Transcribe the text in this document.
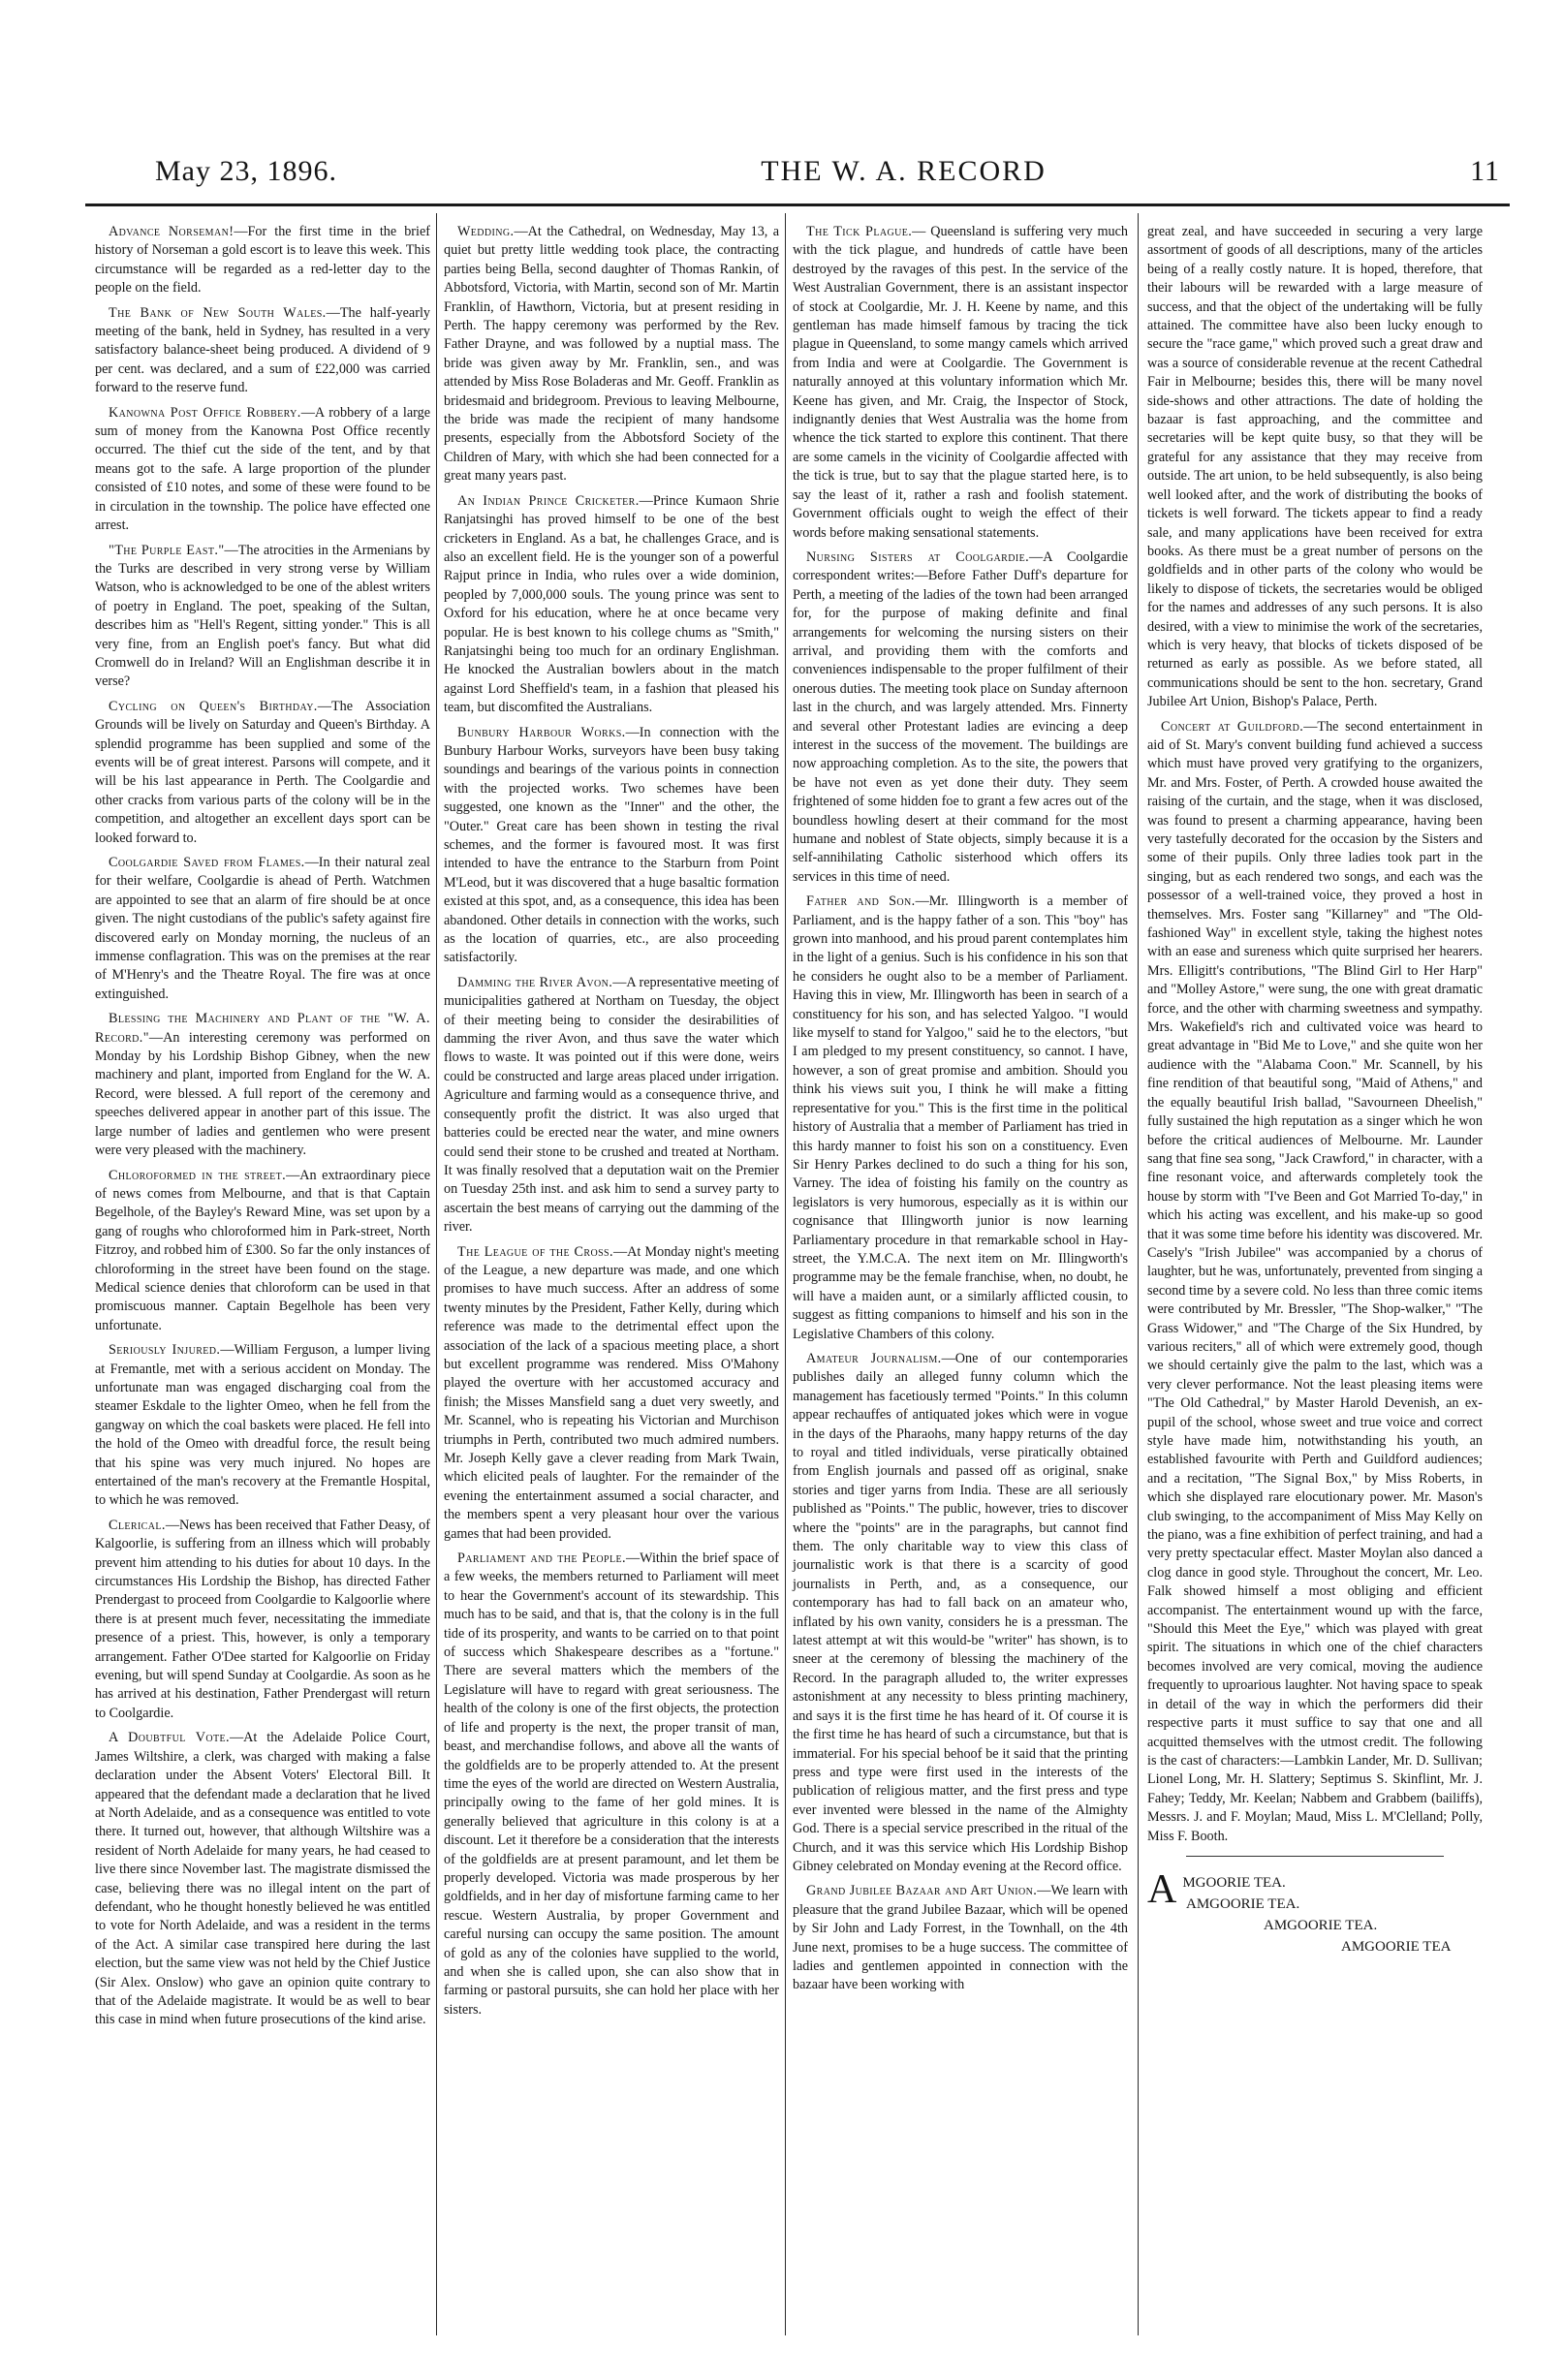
May 23, 1896.	THE W. A. RECORD	11

Advance Norseman!—For the first time in the brief history of Norseman a gold escort is to leave this week. This circumstance will be regarded as a red-letter day to the people on the field.

The Bank of New South Wales.—The half-yearly meeting of the bank, held in Sydney, has resulted in a very satisfactory balance-sheet being produced. A dividend of 9 per cent. was declared, and a sum of £22,000 was carried forward to the reserve fund.

Kanowna Post Office Robbery.—A robbery of a large sum of money from the Kanowna Post Office recently occurred. The thief cut the side of the tent, and by that means got to the safe. A large proportion of the plunder consisted of £10 notes, and some of these were found to be in circulation in the township. The police have effected one arrest.

"The Purple East."—The atrocities in the Armenians by the Turks are described in very strong verse by William Watson, who is acknowledged to be one of the ablest writers of poetry in England. The poet, speaking of the Sultan, describes him as "Hell's Regent, sitting yonder." This is all very fine, from an English poet's fancy. But what did Cromwell do in Ireland? Will an Englishman describe it in verse?

Cycling on Queen's Birthday.—The Association Grounds will be lively on Saturday and Queen's Birthday. A splendid programme has been supplied and some of the events will be of great interest. Parsons will compete, and it will be his last appearance in Perth. The Coolgardie and other cracks from various parts of the colony will be in the competition, and altogether an excellent days sport can be looked forward to.

Coolgardie Saved from Flames.—In their natural zeal for their welfare, Coolgardie is ahead of Perth. Watchmen are appointed to see that an alarm of fire should be at once given. The night custodians of the public's safety against fire discovered early on Monday morning, the nucleus of an immense conflagration. This was on the premises at the rear of M'Henry's and the Theatre Royal. The fire was at once extinguished.

Blessing the Machinery and Plant of the "W. A. Record."—An interesting ceremony was performed on Monday by his Lordship Bishop Gibney, when the new machinery and plant, imported from England for the W. A. Record, were blessed. A full report of the ceremony and speeches delivered appear in another part of this issue. The large number of ladies and gentlemen who were present were very pleased with the machinery.

Chloroformed in the street.—An extraordinary piece of news comes from Melbourne, and that is that Captain Begelhole, of the Bayley's Reward Mine, was set upon by a gang of roughs who chloroformed him in Park-street, North Fitzroy, and robbed him of £300. So far the only instances of chloroforming in the street have been found on the stage. Medical science denies that chloroform can be used in that promiscuous manner. Captain Begelhole has been very unfortunate.

Seriously Injured.—William Ferguson, a lumper living at Fremantle, met with a serious accident on Monday. The unfortunate man was engaged discharging coal from the steamer Eskdale to the lighter Omeo, when he fell from the gangway on which the coal baskets were placed. He fell into the hold of the Omeo with dreadful force, the result being that his spine was very much injured. No hopes are entertained of the man's recovery at the Fremantle Hospital, to which he was removed.

Clerical.—News has been received that Father Deasy, of Kalgoorlie, is suffering from an illness which will probably prevent him attending to his duties for about 10 days. In the circumstances His Lordship the Bishop, has directed Father Prendergast to proceed from Coolgardie to Kalgoorlie where there is at present much fever, necessitating the immediate presence of a priest. This, however, is only a temporary arrangement. Father O'Dee started for Kalgoorlie on Friday evening, but will spend Sunday at Coolgardie. As soon as he has arrived at his destination, Father Prendergast will return to Coolgardie.

A Doubtful Vote.—At the Adelaide Police Court, James Wiltshire, a clerk, was charged with making a false declaration under the Absent Voters' Electoral Bill. It appeared that the defendant made a declaration that he lived at North Adelaide, and as a consequence was entitled to vote there. It turned out, however, that although Wiltshire was a resident of North Adelaide for many years, he had ceased to live there since November last. The magistrate dismissed the case, believing there was no illegal intent on the part of defendant, who he thought honestly believed he was entitled to vote for North Adelaide, and was a resident in the terms of the Act. A similar case transpired here during the last election, but the same view was not held by the Chief Justice (Sir Alex. Onslow) who gave an opinion quite contrary to that of the Adelaide magistrate. It would be as well to bear this case in mind when future prosecutions of the kind arise.

Wedding.—At the Cathedral, on Wednesday, May 13, a quiet but pretty little wedding took place, the contracting parties being Bella, second daughter of Thomas Rankin, of Abbotsford, Victoria, with Martin, second son of Mr. Martin Franklin, of Hawthorn, Victoria, but at present residing in Perth. The happy ceremony was performed by the Rev. Father Drayne, and was followed by a nuptial mass. The bride was given away by Mr. Franklin, sen., and was attended by Miss Rose Boladeras and Mr. Geoff. Franklin as bridesmaid and bridegroom. Previous to leaving Melbourne, the bride was made the recipient of many handsome presents, especially from the Abbotsford Society of the Children of Mary, with which she had been connected for a great many years past.

An Indian Prince Cricketer.—Prince Kumaon Shrie Ranjatsinghi has proved himself to be one of the best cricketers in England. As a bat, he challenges Grace, and is also an excellent field. He is the younger son of a powerful Rajput prince in India, who rules over a wide dominion, peopled by 7,000,000 souls. The young prince was sent to Oxford for his education, where he at once became very popular. He is best known to his college chums as "Smith," Ranjatsinghi being too much for an ordinary Englishman. He knocked the Australian bowlers about in the match against Lord Sheffield's team, in a fashion that pleased his team, but discomfited the Australians.

Bunbury Harbour Works.—In connection with the Bunbury Harbour Works, surveyors have been busy taking soundings and bearings of the various points in connection with the projected works. Two schemes have been suggested, one known as the "Inner" and the other, the "Outer." Great care has been shown in testing the rival schemes, and the former is favoured most. It was first intended to have the entrance to the Starburn from Point M'Leod, but it was discovered that a huge basaltic formation existed at this spot, and, as a consequence, this idea has been abandoned. Other details in connection with the works, such as the location of quarries, etc., are also proceeding satisfactorily.

Damming the River Avon.—A representative meeting of municipalities gathered at Northam on Tuesday, the object of their meeting being to consider the desirabilities of damming the river Avon, and thus save the water which flows to waste. It was pointed out if this were done, weirs could be constructed and large areas placed under irrigation. Agriculture and farming would as a consequence thrive, and consequently profit the district. It was also urged that batteries could be erected near the water, and mine owners could send their stone to be crushed and treated at Northam. It was finally resolved that a deputation wait on the Premier on Tuesday 25th inst. and ask him to send a survey party to ascertain the best means of carrying out the damming of the river.

The League of the Cross.—At Monday night's meeting of the League, a new departure was made, and one which promises to have much success. After an address of some twenty minutes by the President, Father Kelly, during which reference was made to the detrimental effect upon the association of the lack of a spacious meeting place, a short but excellent programme was rendered. Miss O'Mahony played the overture with her accustomed accuracy and finish; the Misses Mansfield sang a duet very sweetly, and Mr. Scannel, who is repeating his Victorian and Murchison triumphs in Perth, contributed two much admired numbers. Mr. Joseph Kelly gave a clever reading from Mark Twain, which elicited peals of laughter. For the remainder of the evening the entertainment assumed a social character, and the members spent a very pleasant hour over the various games that had been provided.

Parliament and the People.—Within the brief space of a few weeks, the members returned to Parliament will meet to hear the Government's account of its stewardship. This much has to be said, and that is, that the colony is in the full tide of its prosperity, and wants to be carried on to that point of success which Shakespeare describes as a "fortune." There are several matters which the members of the Legislature will have to regard with great seriousness. The health of the colony is one of the first objects, the protection of life and property is the next, the proper transit of man, beast, and merchandise follows, and above all the wants of the goldfields are to be properly attended to. At the present time the eyes of the world are directed on Western Australia, principally owing to the fame of her gold mines. It is generally believed that agriculture in this colony is at a discount. Let it therefore be a consideration that the interests of the goldfields are at present paramount, and let them be properly developed. Victoria was made prosperous by her goldfields, and in her day of misfortune farming came to her rescue. Western Australia, by proper Government and careful nursing can occupy the same position. The amount of gold as any of the colonies have supplied to the world, and when she is called upon, she can also show that in farming or pastoral pursuits, she can hold her place with her sisters.

The Tick Plague.— Queensland is suffering very much with the tick plague, and hundreds of cattle have been destroyed by the ravages of this pest. In the service of the West Australian Government, there is an assistant inspector of stock at Coolgardie, Mr. J. H. Keene by name, and this gentleman has made himself famous by tracing the tick plague in Queensland, to some mangy camels which arrived from India and were at Coolgardie. The Government is naturally annoyed at this voluntary information which Mr. Keene has given, and Mr. Craig, the Inspector of Stock, indignantly denies that West Australia was the home from whence the tick started to explore this continent. That there are some camels in the vicinity of Coolgardie affected with the tick is true, but to say that the plague started here, is to say the least of it, rather a rash and foolish statement. Government officials ought to weigh the effect of their words before making sensational statements.

Nursing Sisters at Coolgardie.—A Coolgardie correspondent writes:—Before Father Duff's departure for Perth, a meeting of the ladies of the town had been arranged for, for the purpose of making definite and final arrangements for welcoming the nursing sisters on their arrival, and providing them with the comforts and conveniences indispensable to the proper fulfilment of their onerous duties. The meeting took place on Sunday afternoon last in the church, and was largely attended. Mrs. Finnerty and several other Protestant ladies are evincing a deep interest in the success of the movement. The buildings are now approaching completion. As to the site, the powers that be have not even as yet done their duty. They seem frightened of some hidden foe to grant a few acres out of the boundless howling desert at their command for the most humane and noblest of State objects, simply because it is a self-annihilating Catholic sisterhood which offers its services in this time of need.

Father and Son.—Mr. Illingworth is a member of Parliament, and is the happy father of a son. This "boy" has grown into manhood, and his proud parent contemplates him in the light of a genius. Such is his confidence in his son that he considers he ought also to be a member of Parliament. Having this in view, Mr. Illingworth has been in search of a constituency for his son, and has selected Yalgoo. "I would like myself to stand for Yalgoo," said he to the electors, "but I am pledged to my present constituency, so cannot. I have, however, a son of great promise and ambition. Should you think his views suit you, I think he will make a fitting representative for you." This is the first time in the political history of Australia that a member of Parliament has tried in this hardy manner to foist his son on a constituency. Even Sir Henry Parkes declined to do such a thing for his son, Varney. The idea of foisting his family on the country as legislators is very humorous, especially as it is within our cognisance that Illingworth junior is now learning Parliamentary procedure in that remarkable school in Hay-street, the Y.M.C.A. The next item on Mr. Illingworth's programme may be the female franchise, when, no doubt, he will have a maiden aunt, or a similarly afflicted cousin, to suggest as fitting companions to himself and his son in the Legislative Chambers of this colony.

Amateur Journalism.—One of our contemporaries publishes daily an alleged funny column which the management has facetiously termed "Points." In this column appear rechauffes of antiquated jokes which were in vogue in the days of the Pharaohs, many happy returns of the day to royal and titled individuals, verse piratically obtained from English journals and passed off as original, snake stories and tiger yarns from India. These are all seriously published as "Points." The public, however, tries to discover where the "points" are in the paragraphs, but cannot find them. The only charitable way to view this class of journalistic work is that there is a scarcity of good journalists in Perth, and, as a consequence, our contemporary has had to fall back on an amateur who, inflated by his own vanity, considers he is a pressman. The latest attempt at wit this would-be "writer" has shown, is to sneer at the ceremony of blessing the machinery of the Record. In the paragraph alluded to, the writer expresses astonishment at any necessity to bless printing machinery, and says it is the first time he has heard of it. Of course it is the first time he has heard of such a circumstance, but that is immaterial. For his special behoof be it said that the printing press and type were first used in the interests of the publication of religious matter, and the first press and type ever invented were blessed in the name of the Almighty God. There is a special service prescribed in the ritual of the Church, and it was this service which His Lordship Bishop Gibney celebrated on Monday evening at the Record office.

Grand Jubilee Bazaar and Art Union.—We learn with pleasure that the grand Jubilee Bazaar, which will be opened by Sir John and Lady Forrest, in the Townhall, on the 4th June next, promises to be a huge success. The committee of ladies and gentlemen appointed in connection with the bazaar have been working with

great zeal, and have succeeded in securing a very large assortment of goods of all descriptions, many of the articles being of a really costly nature. It is hoped, therefore, that their labours will be rewarded with a large measure of success, and that the object of the undertaking will be fully attained. The committee have also been lucky enough to secure the "race game," which proved such a great draw and was a source of considerable revenue at the recent Cathedral Fair in Melbourne; besides this, there will be many novel side-shows and other attractions. The date of holding the bazaar is fast approaching, and the committee and secretaries will be kept quite busy, so that they will be grateful for any assistance that they may receive from outside. The art union, to be held subsequently, is also being well looked after, and the work of distributing the books of tickets is well forward. The tickets appear to find a ready sale, and many applications have been received for extra books. As there must be a great number of persons on the goldfields and in other parts of the colony who would be likely to dispose of tickets, the secretaries would be obliged for the names and addresses of any such persons. It is also desired, with a view to minimise the work of the secretaries, which is very heavy, that blocks of tickets disposed of be returned as early as possible. As we before stated, all communications should be sent to the hon. secretary, Grand Jubilee Art Union, Bishop's Palace, Perth.

Concert at Guildford.—The second entertainment in aid of St. Mary's convent building fund achieved a success which must have proved very gratifying to the organizers, Mr. and Mrs. Foster, of Perth. A crowded house awaited the raising of the curtain, and the stage, when it was disclosed, was found to present a charming appearance, having been very tastefully decorated for the occasion by the Sisters and some of their pupils. Only three ladies took part in the singing, but as each rendered two songs, and each was the possessor of a well-trained voice, they proved a host in themselves. Mrs. Foster sang "Killarney" and "The Old-fashioned Way" in excellent style, taking the highest notes with an ease and sureness which quite surprised her hearers. Mrs. Elligitt's contributions, "The Blind Girl to Her Harp" and "Molley Astore," were sung, the one with great dramatic force, and the other with charming sweetness and sympathy. Mrs. Wakefield's rich and cultivated voice was heard to great advantage in "Bid Me to Love," and she quite won her audience with the "Alabama Coon." Mr. Scannell, by his fine rendition of that beautiful song, "Maid of Athens," and the equally beautiful Irish ballad, "Savourneen Dheelish," fully sustained the high reputation as a singer which he won before the critical audiences of Melbourne. Mr. Launder sang that fine sea song, "Jack Crawford," in character, with a fine resonant voice, and afterwards completely took the house by storm with "I've Been and Got Married To-day," in which his acting was excellent, and his make-up so good that it was some time before his identity was discovered. Mr. Casely's "Irish Jubilee" was accompanied by a chorus of laughter, but he was, unfortunately, prevented from singing a second time by a severe cold. No less than three comic items were contributed by Mr. Bressler, "The Shop-walker," "The Grass Widower," and "The Charge of the Six Hundred, by various reciters," all of which were extremely good, though we should certainly give the palm to the last, which was a very clever performance. Not the least pleasing items were "The Old Cathedral," by Master Harold Devenish, an ex-pupil of the school, whose sweet and true voice and correct style have made him, notwithstanding his youth, an established favourite with Perth and Guildford audiences; and a recitation, "The Signal Box," by Miss Roberts, in which she displayed rare elocutionary power. Mr. Mason's club swinging, to the accompaniment of Miss May Kelly on the piano, was a fine exhibition of perfect training, and had a very pretty spectacular effect. Master Moylan also danced a clog dance in good style. Throughout the concert, Mr. Leo. Falk showed himself a most obliging and efficient accompanist. The entertainment wound up with the farce, "Should this Meet the Eye," which was played with great spirit. The situations in which one of the chief characters becomes involved are very comical, moving the audience frequently to uproarious laughter. Not having space to speak in detail of the way in which the performers did their respective parts it must suffice to say that one and all acquitted themselves with the utmost credit. The following is the cast of characters:—Lambkin Lander, Mr. D. Sullivan; Lionel Long, Mr. H. Slattery; Septimus S. Skinflint, Mr. J. Fahey; Teddy, Mr. Keelan; Nabbem and Grabbem (bailiffs), Messrs. J. and F. Moylan; Maud, Miss L. M'Clelland; Polly, Miss F. Booth.

A MGOORIE TEA.
AMGOORIE TEA.
AMGOORIE TEA.
AMGOORIE TEA
